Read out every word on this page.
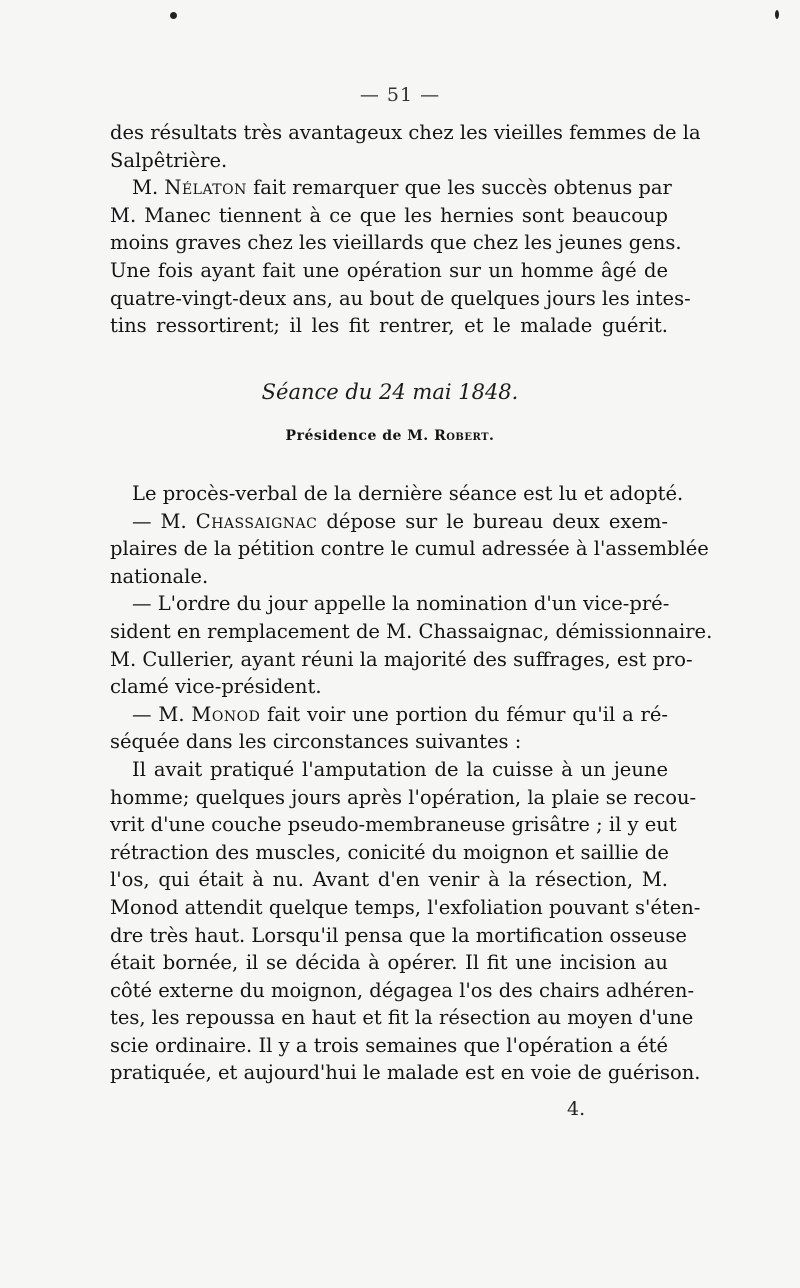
— 51 —
des résultats très avantageux chez les vieilles femmes de la
Salpêtrière.
M. Nélaton fait remarquer que les succès obtenus par
M. Manec tiennent à ce que les hernies sont beaucoup
moins graves chez les vieillards que chez les jeunes gens.
Une fois ayant fait une opération sur un homme âgé de
quatre-vingt-deux ans, au bout de quelques jours les intes-
tins ressortirent; il les fit rentrer, et le malade guérit.
Séance du 24 mai 1848.
Présidence de M. Robert.
Le procès-verbal de la dernière séance est lu et adopté.
— M. Chassaignac dépose sur le bureau deux exem-
plaires de la pétition contre le cumul adressée à l'assemblée
nationale.
— L'ordre du jour appelle la nomination d'un vice-pré-
sident en remplacement de M. Chassaignac, démissionnaire.
M. Cullerier, ayant réuni la majorité des suffrages, est pro-
clamé vice-président.
— M. Monod fait voir une portion du fémur qu'il a ré-
séquée dans les circonstances suivantes :
Il avait pratiqué l'amputation de la cuisse à un jeune
homme; quelques jours après l'opération, la plaie se recou-
vrit d'une couche pseudo-membraneuse grisâtre ; il y eut
rétraction des muscles, conicité du moignon et saillie de
l'os, qui était à nu. Avant d'en venir à la résection, M.
Monod attendit quelque temps, l'exfoliation pouvant s'éten-
dre très haut. Lorsqu'il pensa que la mortification osseuse
était bornée, il se décida à opérer. Il fit une incision au
côté externe du moignon, dégagea l'os des chairs adhéren-
tes, les repoussa en haut et fit la résection au moyen d'une
scie ordinaire. Il y a trois semaines que l'opération a été
pratiquée, et aujourd'hui le malade est en voie de guérison.
4.
